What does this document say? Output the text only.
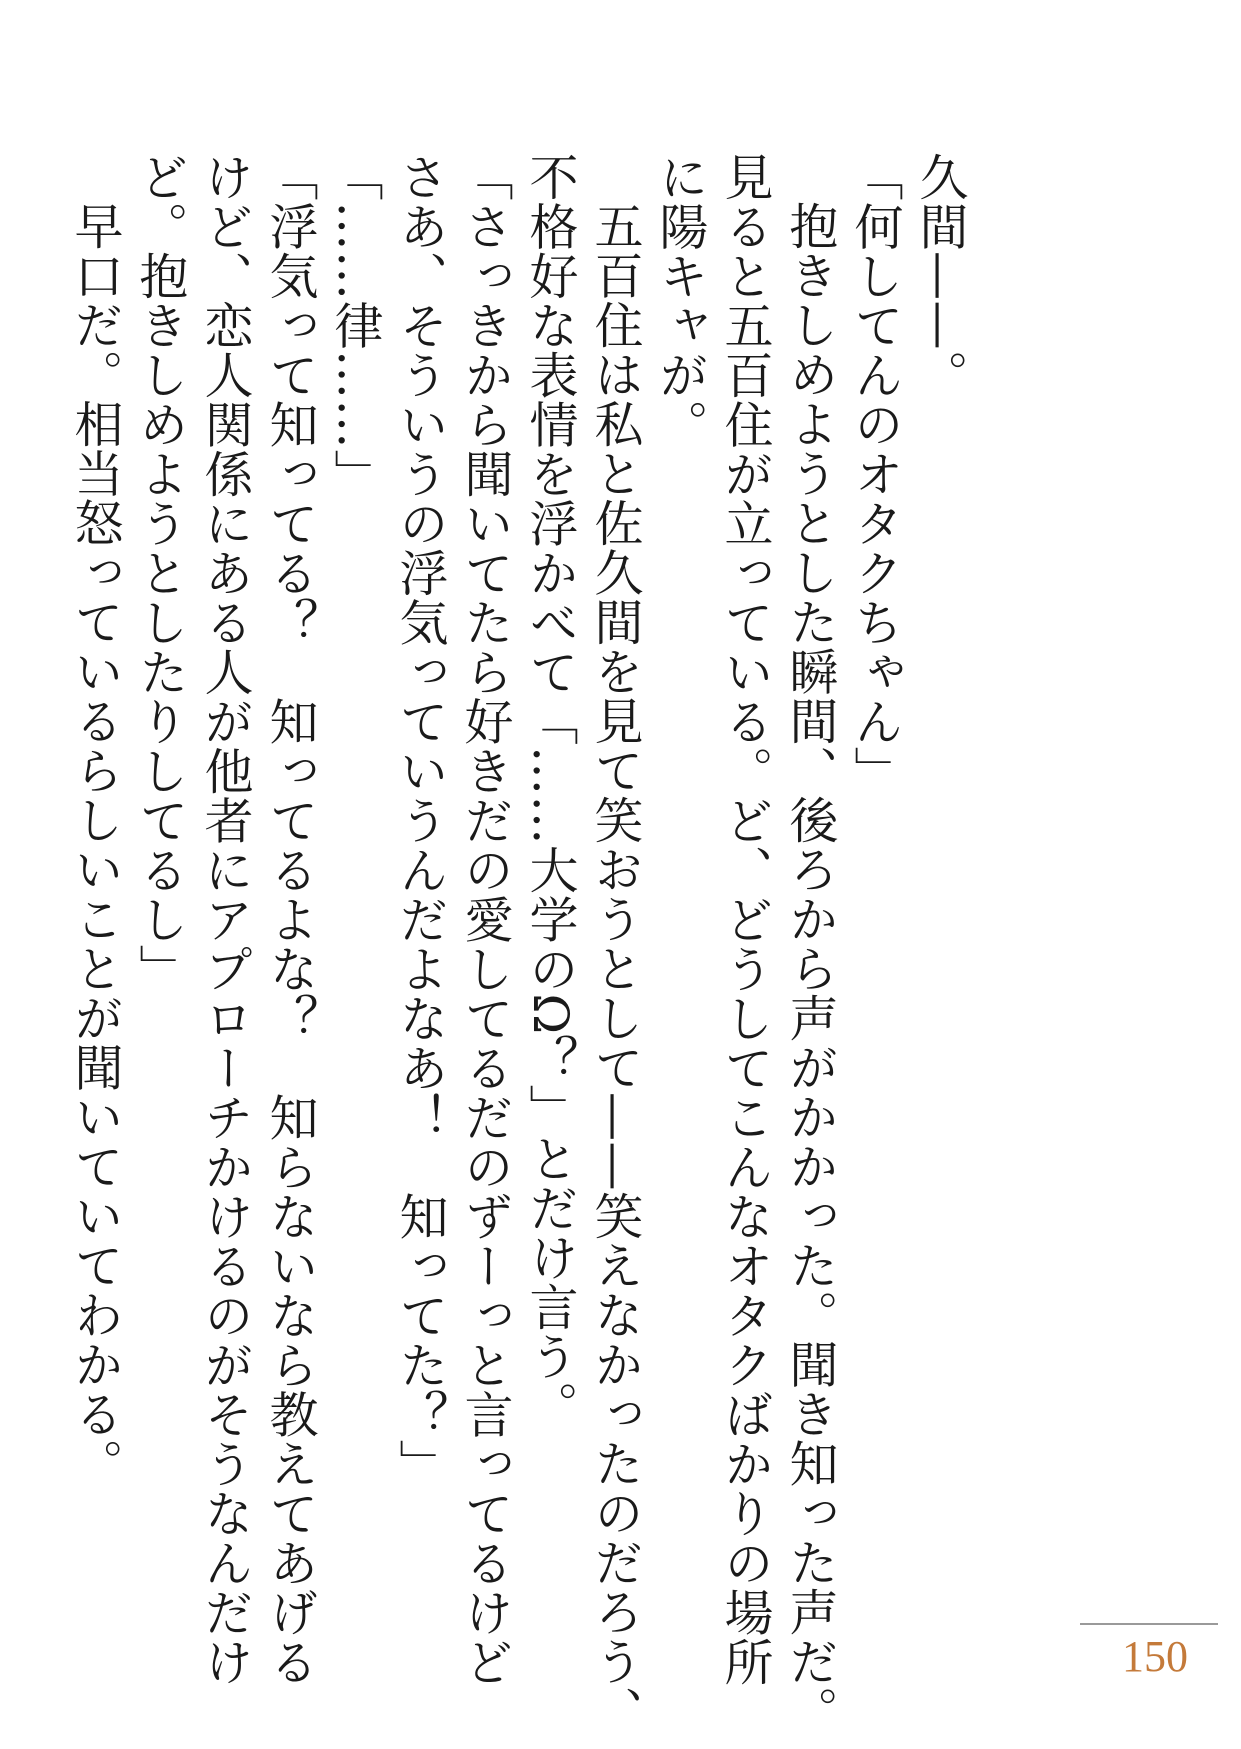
久間——。

「何してんのオタクちゃん」

抱きしめようとした瞬間、後ろから声がかかった。聞き知った声だ。

見ると五百住が立っている。ど、どうしてこんなオタクばかりの場所

に陽キャが。

五百住は私と佐久間を見て笑おうとして——笑えなかったのだろう、

不格好な表情を浮かべて「……大学のΩ？」とだけ言う。

「さっきから聞いてたら好きだの愛してるだのずーっと言ってるけど

さあ、そういうの浮気っていうんだよなあ！　知ってた？」

「……律……」

「浮気って知ってる？　知ってるよな？　知らないなら教えてあげる

けど、恋人関係にある人が他者にアプローチかけるのがそうなんだけ

ど。抱きしめようとしたりしてるし」

早口だ。相当怒っているらしいことが聞いていてわかる。

150
